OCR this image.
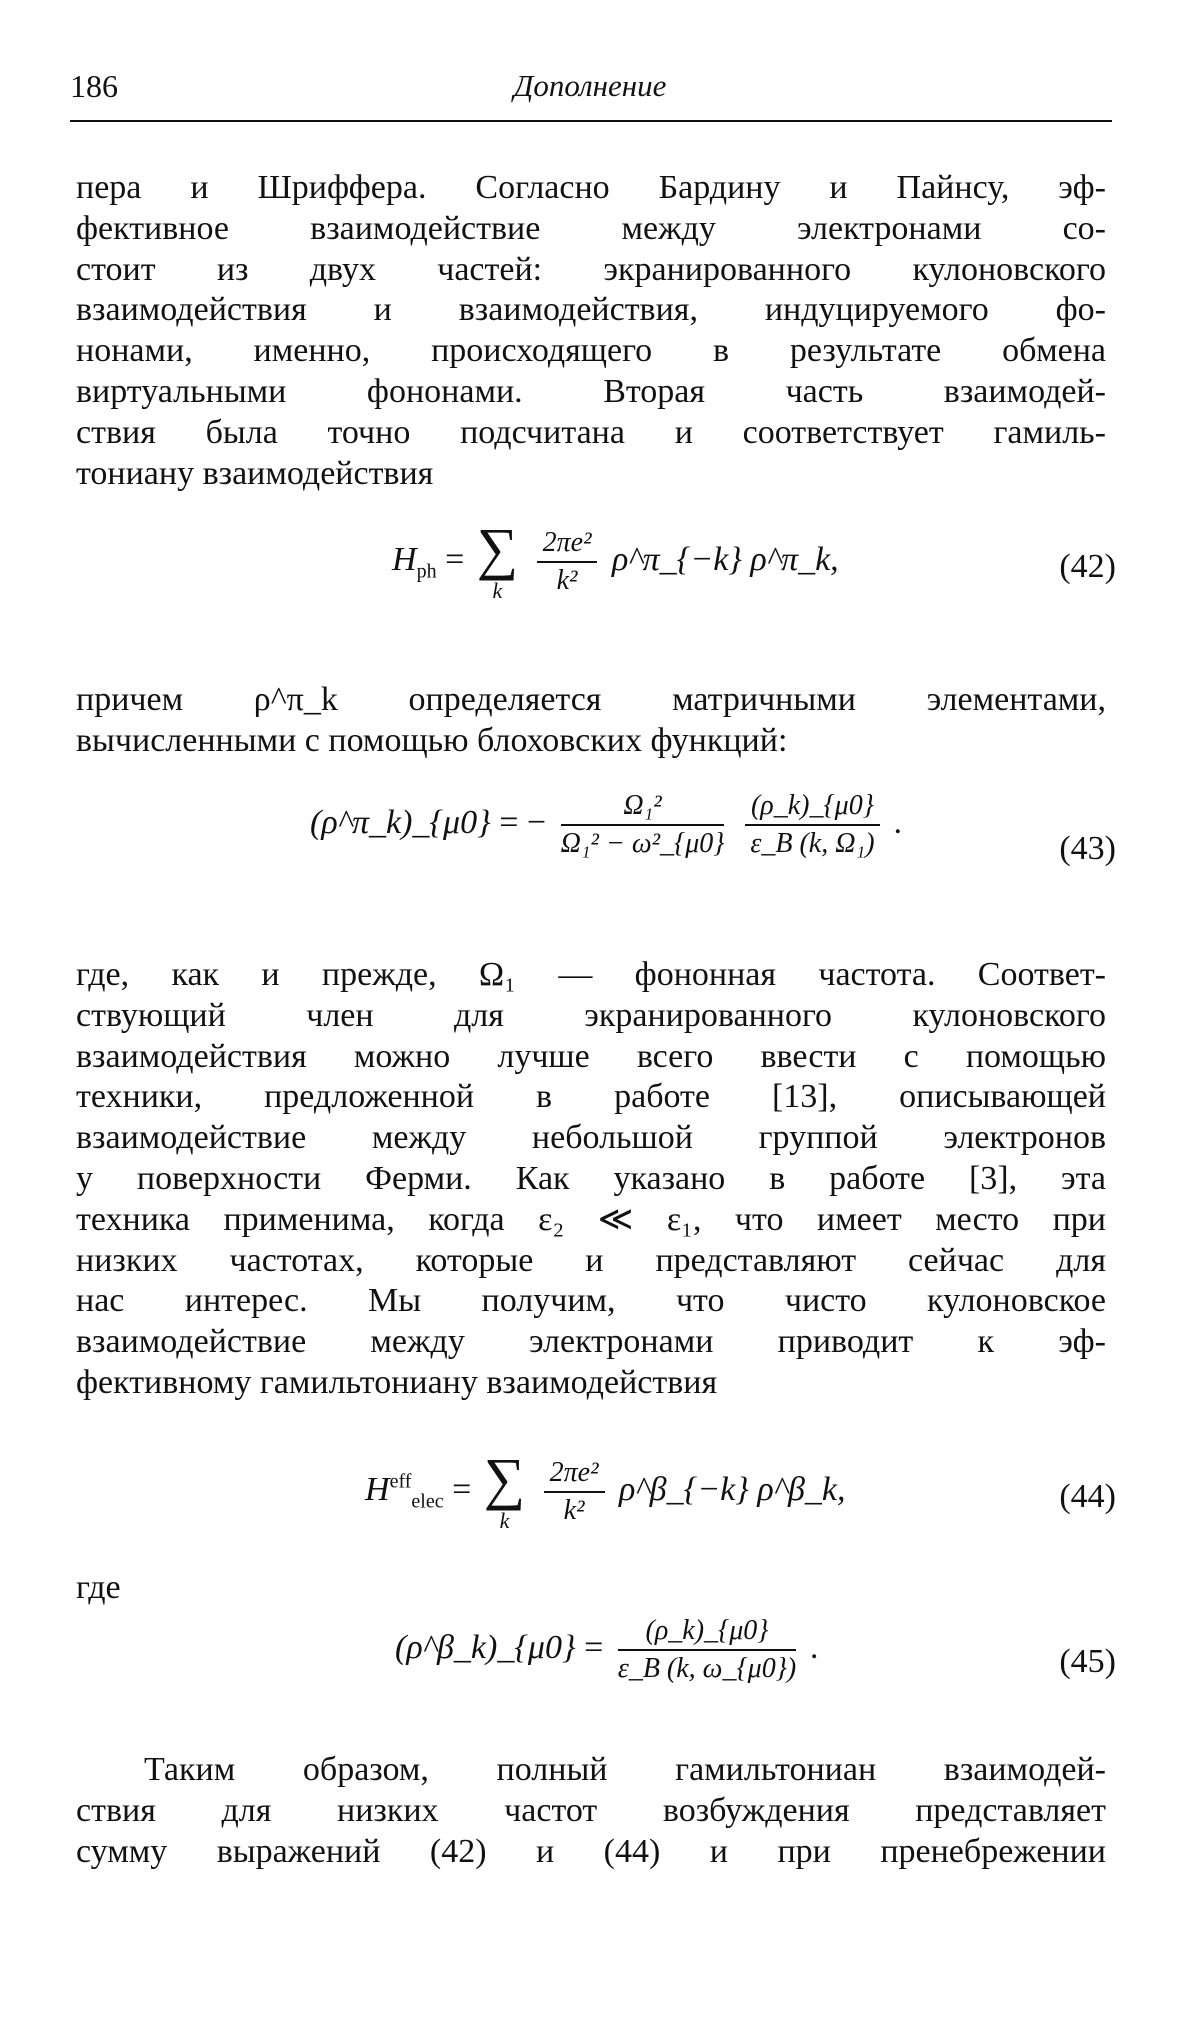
186	Дополнение
пера и Шриффера. Согласно Бардину и Пайнсу, эф-
фективное взаимодействие между электронами со-
стоит из двух частей: экранированного кулоновского
взаимодействия и взаимодействия, индуцируемого фо-
нонами, именно, происходящего в результате обмена
виртуальными фононами. Вторая часть взаимодей-
ствия была точно подсчитана и соответствует гамиль-
тониану взаимодействия
$H_{ph}$ = ∑
k
	$\frac{\text{2πe²}}{\text{k²}}$ ρ^π_{−k} ρ^π_k,	(42)
причем ρ^π_k определяется матричными элементами,
вычисленными с помощью блоховских функций:
(ρ^π_k)_{μ0} = − $\frac{\text{Ω₁²}}{\text{Ω₁² − ω²\_\{μ0\}}}$
$\frac{(\rho\_k)\_\{\mu 0\}}{\text{ε\_B (k, Ω₁)}}$ .
(43)
где, как и прежде, Ω₁ — фононная частота. Соответ-
ствующий член для экранированного кулоновского
взаимодействия можно лучше всего ввести с помощью
техники, предложенной в работе [13], описывающей
взаимодействие между небольшой группой электронов
у поверхности Ферми. Как указано в работе [3], эта
техника применима, когда ε₂ ≪ ε₁, что имеет место при
низких частотах, которые и представляют сейчас для
нас интерес. Мы получим, что чисто кулоновское
взаимодействие между электронами приводит к эф-
фективному гамильтониану взаимодействия
$H^{eff}_{elec}$ = ∑
k
	$\frac{\text{2πe²}}{\text{k²}}$ ρ^β_{−k} ρ^β_k,	(44)
где
(ρ^β_k)_{μ0} = $\frac{(\rho\_k)\_\{\mu 0\}}{\varepsilon\_B (k, \omega\_\{\mu 0\})}$ .	(45)
Таким образом, полный гамильтониан взаимодей-
ствия для низких частот возбуждения представляет
сумму выражений (42) и (44) и при пренебрежении
